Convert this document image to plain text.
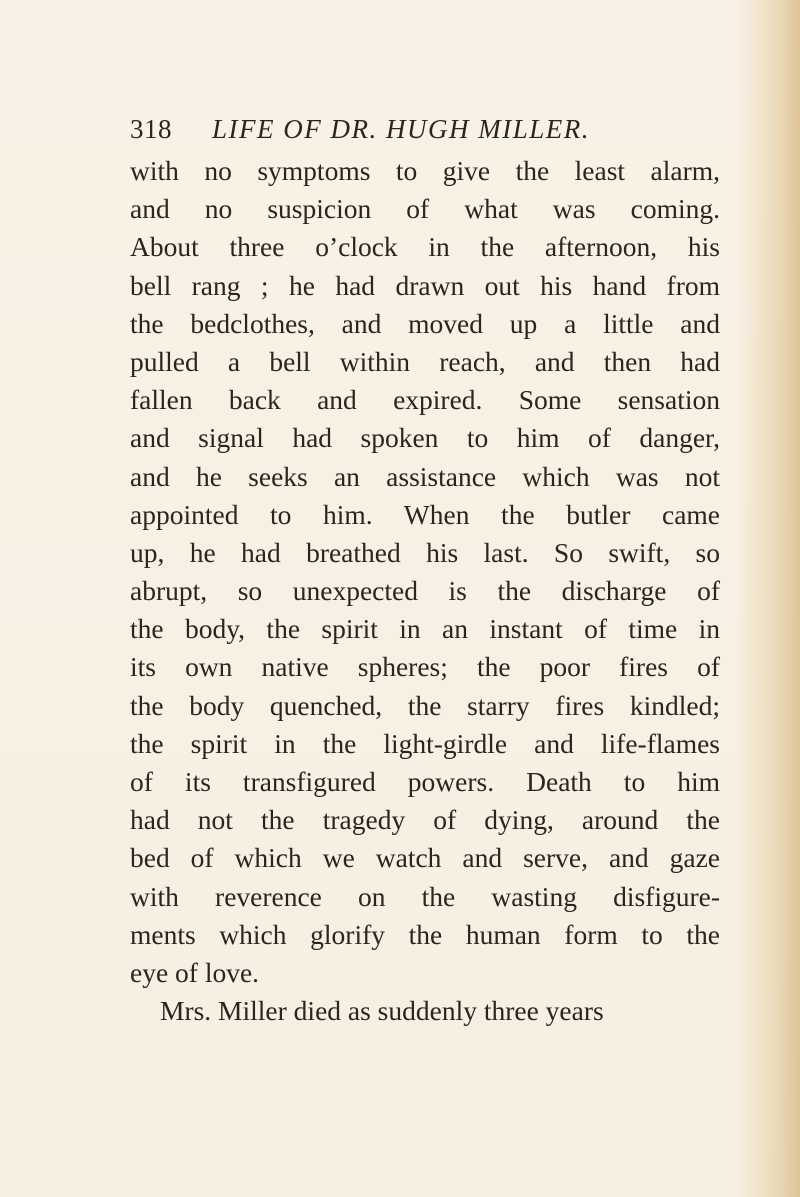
318 LIFE OF DR. HUGH MILLER.
with no symptoms to give the least alarm,
and no suspicion of what was coming.
About three o’clock in the afternoon, his
bell rang ; he had drawn out his hand from
the bedclothes, and moved up a little and
pulled a bell within reach, and then had
fallen back and expired. Some sensation
and signal had spoken to him of danger,
and he seeks an assistance which was not
appointed to him. When the butler came
up, he had breathed his last. So swift, so
abrupt, so unexpected is the discharge of
the body, the spirit in an instant of time in
its own native spheres; the poor fires of
the body quenched, the starry fires kindled;
the spirit in the light-girdle and life-flames
of its transfigured powers. Death to him
had not the tragedy of dying, around the
bed of which we watch and serve, and gaze
with reverence on the wasting disfigure-
ments which glorify the human form to the
eye of love.
Mrs. Miller died as suddenly three years
